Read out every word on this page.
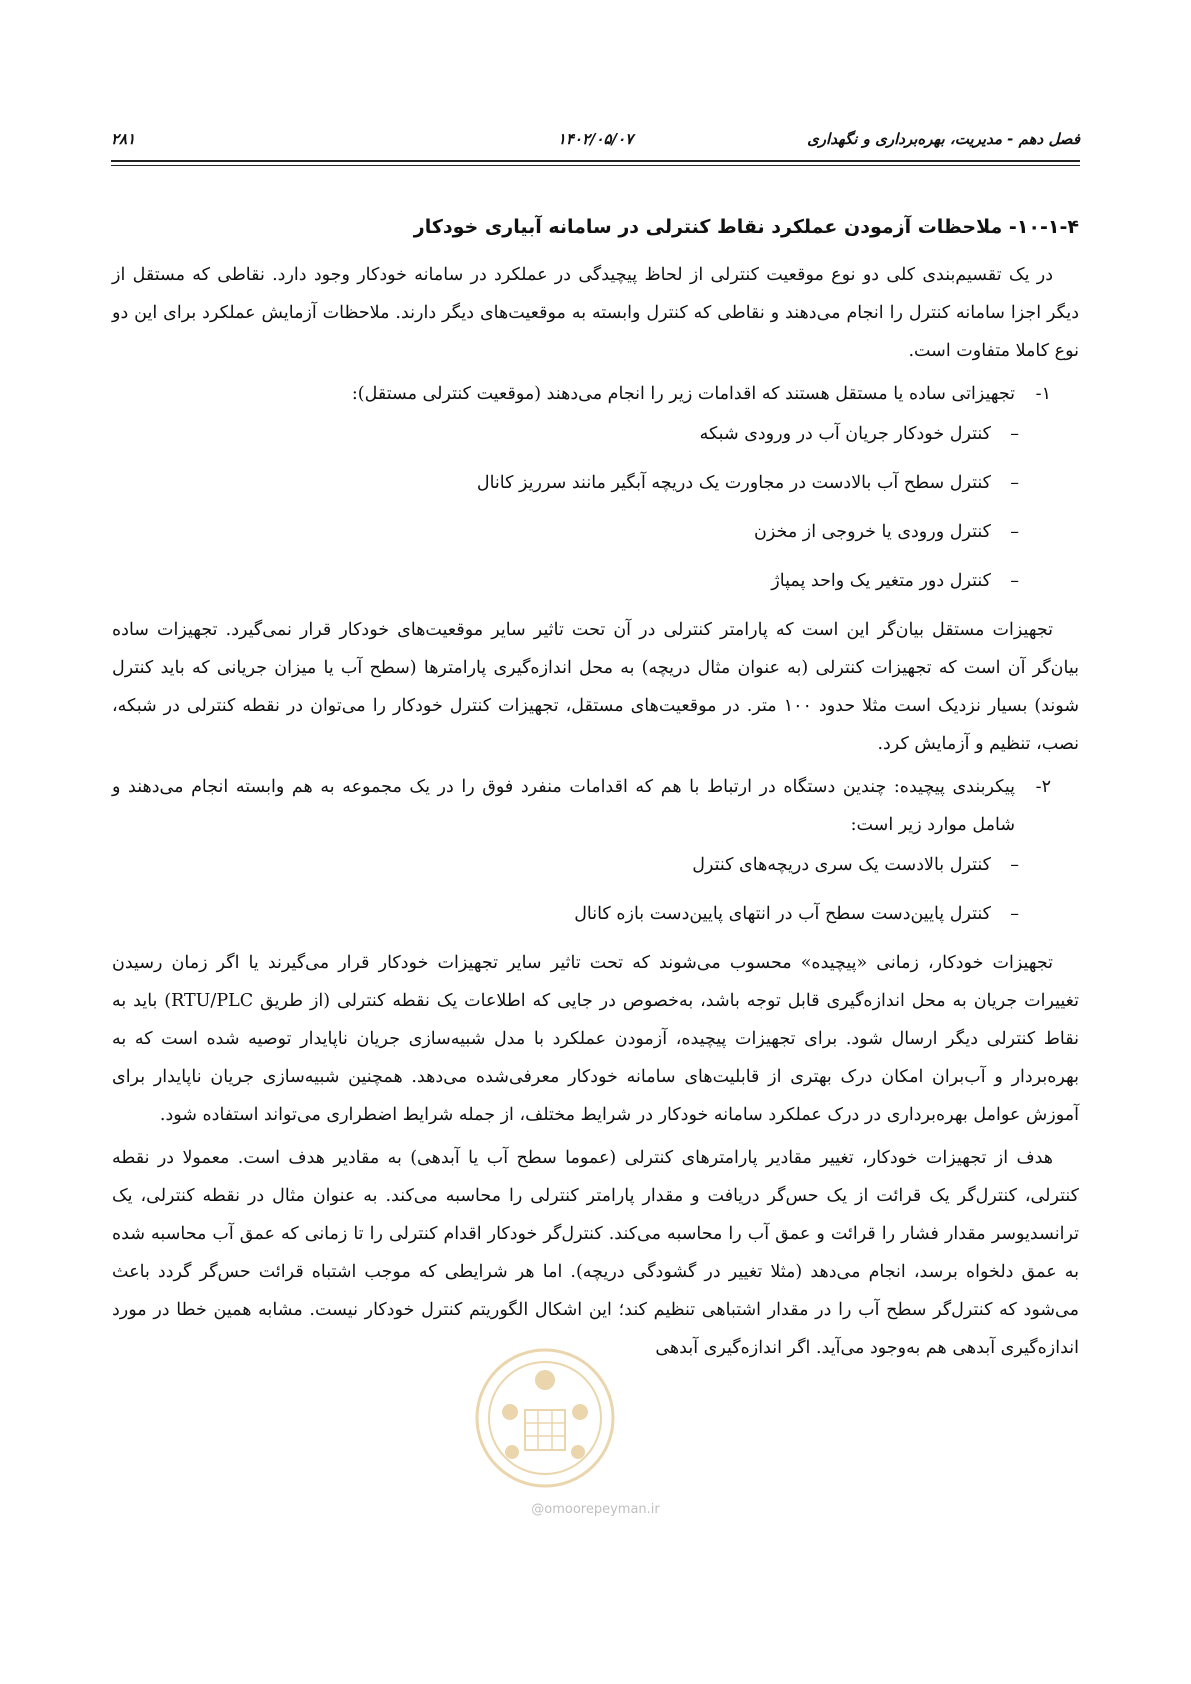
فصل دهم - مدیریت، بهره‌برداری و نگهداری
۱۴۰۲/۰۵/۰۷
۲۸۱
۱۰-۱-۴- ملاحظات آزمودن عملکرد نقاط کنترلی در سامانه آبیاری خودکار

در یک تقسیم‌بندی کلی دو نوع موقعیت کنترلی از لحاظ پیچیدگی در عملکرد در سامانه خودکار وجود دارد. نقاطی که مستقل از دیگر اجزا سامانه کنترل را انجام می‌دهند و نقاطی که کنترل وابسته به موقعیت‌های دیگر دارند. ملاحظات آزمایش عملکرد برای این دو نوع کاملا متفاوت است.

۱-
تجهیزاتی ساده یا مستقل هستند که اقدامات زیر را انجام می‌دهند (موقعیت کنترلی مستقل):
–
کنترل خودکار جریان آب در ورودی شبکه
–
کنترل سطح آب بالادست در مجاورت یک دریچه آبگیر مانند سرریز کانال
–
کنترل ورودی یا خروجی از مخزن
–
کنترل دور متغیر یک واحد پمپاژ

تجهیزات مستقل بیان‌گر این است که پارامتر کنترلی در آن تحت تاثیر سایر موقعیت‌های خودکار قرار نمی‌گیرد. تجهیزات ساده بیان‌گر آن است که تجهیزات کنترلی (به عنوان مثال دریچه) به محل اندازه‌گیری پارامترها (سطح آب یا میزان جریانی که باید کنترل شوند) بسیار نزدیک است مثلا حدود ۱۰۰ متر. در موقعیت‌های مستقل، تجهیزات کنترل خودکار را می‌توان در نقطه کنترلی در شبکه، نصب، تنظیم و آزمایش کرد.

۲-
پیکربندی پیچیده: چندین دستگاه در ارتباط با هم که اقدامات منفرد فوق را در یک مجموعه به هم وابسته انجام می‌دهند و شامل موارد زیر است:
–
کنترل بالادست یک سری دریچه‌های کنترل
–
کنترل پایین‌دست سطح آب در انتهای پایین‌دست بازه کانال

تجهیزات خودکار، زمانی «پیچیده» محسوب می‌شوند که تحت تاثیر سایر تجهیزات خودکار قرار می‌گیرند یا اگر زمان رسیدن تغییرات جریان به محل اندازه‌گیری قابل توجه باشد، به‌خصوص در جایی که اطلاعات یک نقطه کنترلی (از طریق RTU/PLC) باید به نقاط کنترلی دیگر ارسال شود. برای تجهیزات پیچیده، آزمودن عملکرد با مدل شبیه‌سازی جریان ناپایدار توصیه شده است که به بهره‌بردار و آب‌بران امکان درک بهتری از قابلیت‌های سامانه خودکار معرفی‌شده می‌دهد. همچنین شبیه‌سازی جریان ناپایدار برای آموزش عوامل بهره‌برداری در درک عملکرد سامانه خودکار در شرایط مختلف، از جمله شرایط اضطراری می‌تواند استفاده شود.

هدف از تجهیزات خودکار، تغییر مقادیر پارامترهای کنترلی (عموما سطح آب یا آبدهی) به مقادیر هدف است. معمولا در نقطه کنترلی، کنترل‌گر یک قرائت از یک حس‌گر دریافت و مقدار پارامتر کنترلی را محاسبه می‌کند. به عنوان مثال در نقطه کنترلی، یک ترانسدیوسر مقدار فشار را قرائت و عمق آب را محاسبه می‌کند. کنترل‌گر خودکار اقدام کنترلی را تا زمانی که عمق آب محاسبه شده به عمق دلخواه برسد، انجام می‌دهد (مثلا تغییر در گشودگی دریچه). اما هر شرایطی که موجب اشتباه قرائت حس‌گر گردد باعث می‌شود که کنترل‌گر سطح آب را در مقدار اشتباهی تنظیم کند؛ این اشکال الگوریتم کنترل خودکار نیست. مشابه همین خطا در مورد اندازه‌گیری آبدهی هم به‌وجود می‌آید. اگر اندازه‌گیری آبدهی

@omoorepeyman.ir
